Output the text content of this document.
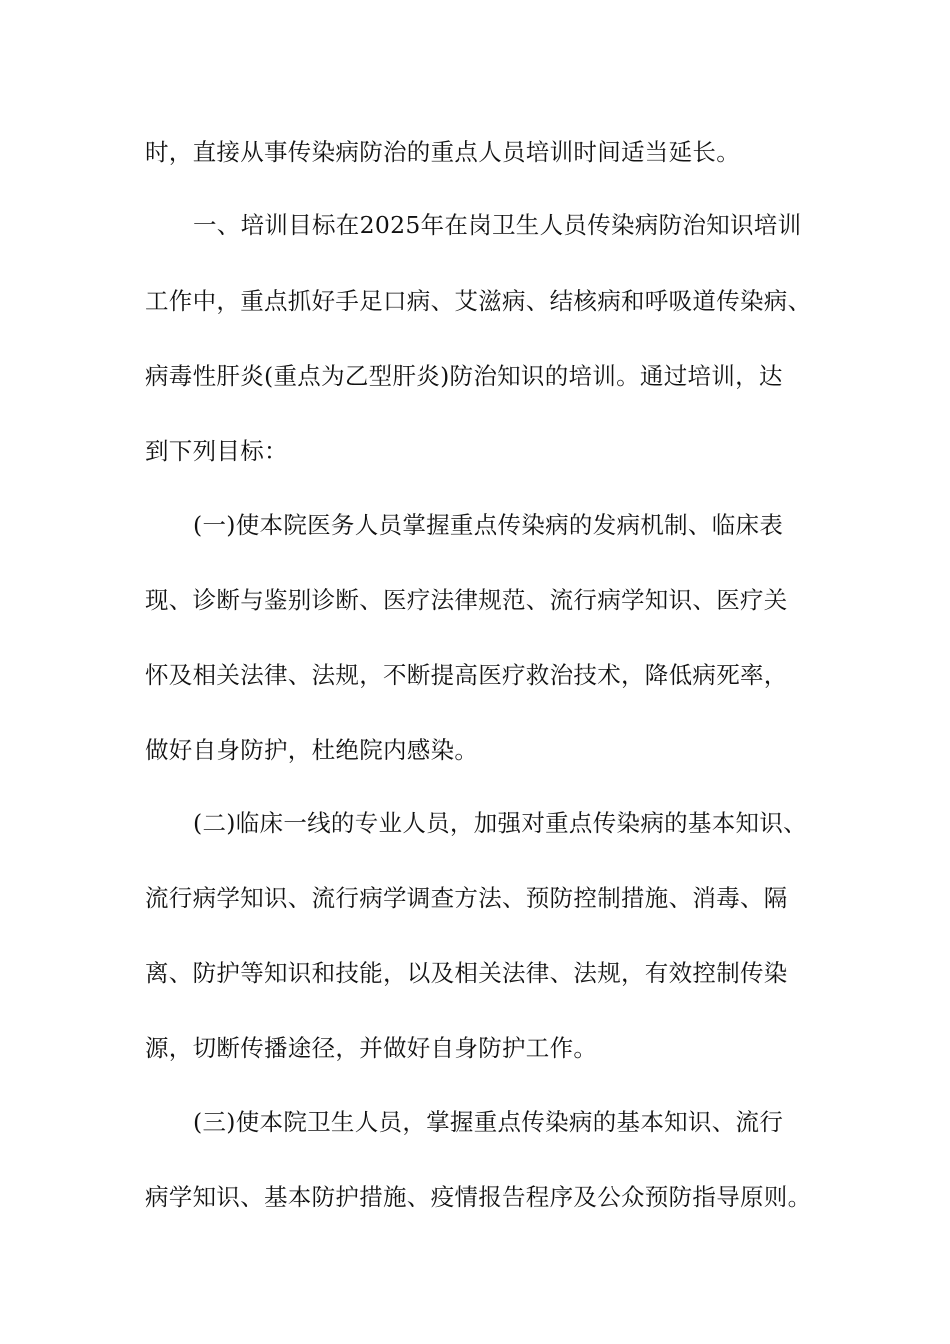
时，直接从事传染病防治的重点人员培训时间适当延长。
一、培训目标在2025年在岗卫生人员传染病防治知识培训
工作中，重点抓好手足口病、艾滋病、结核病和呼吸道传染病、
病毒性肝炎(重点为乙型肝炎)防治知识的培训。通过培训，达
到下列目标：
(一)使本院医务人员掌握重点传染病的发病机制、临床表
现、诊断与鉴别诊断、医疗法律规范、流行病学知识、医疗关
怀及相关法律、法规，不断提高医疗救治技术，降低病死率，
做好自身防护，杜绝院内感染。
(二)临床一线的专业人员，加强对重点传染病的基本知识、
流行病学知识、流行病学调查方法、预防控制措施、消毒、隔
离、防护等知识和技能，以及相关法律、法规，有效控制传染
源，切断传播途径，并做好自身防护工作。
(三)使本院卫生人员，掌握重点传染病的基本知识、流行
病学知识、基本防护措施、疫情报告程序及公众预防指导原则。
